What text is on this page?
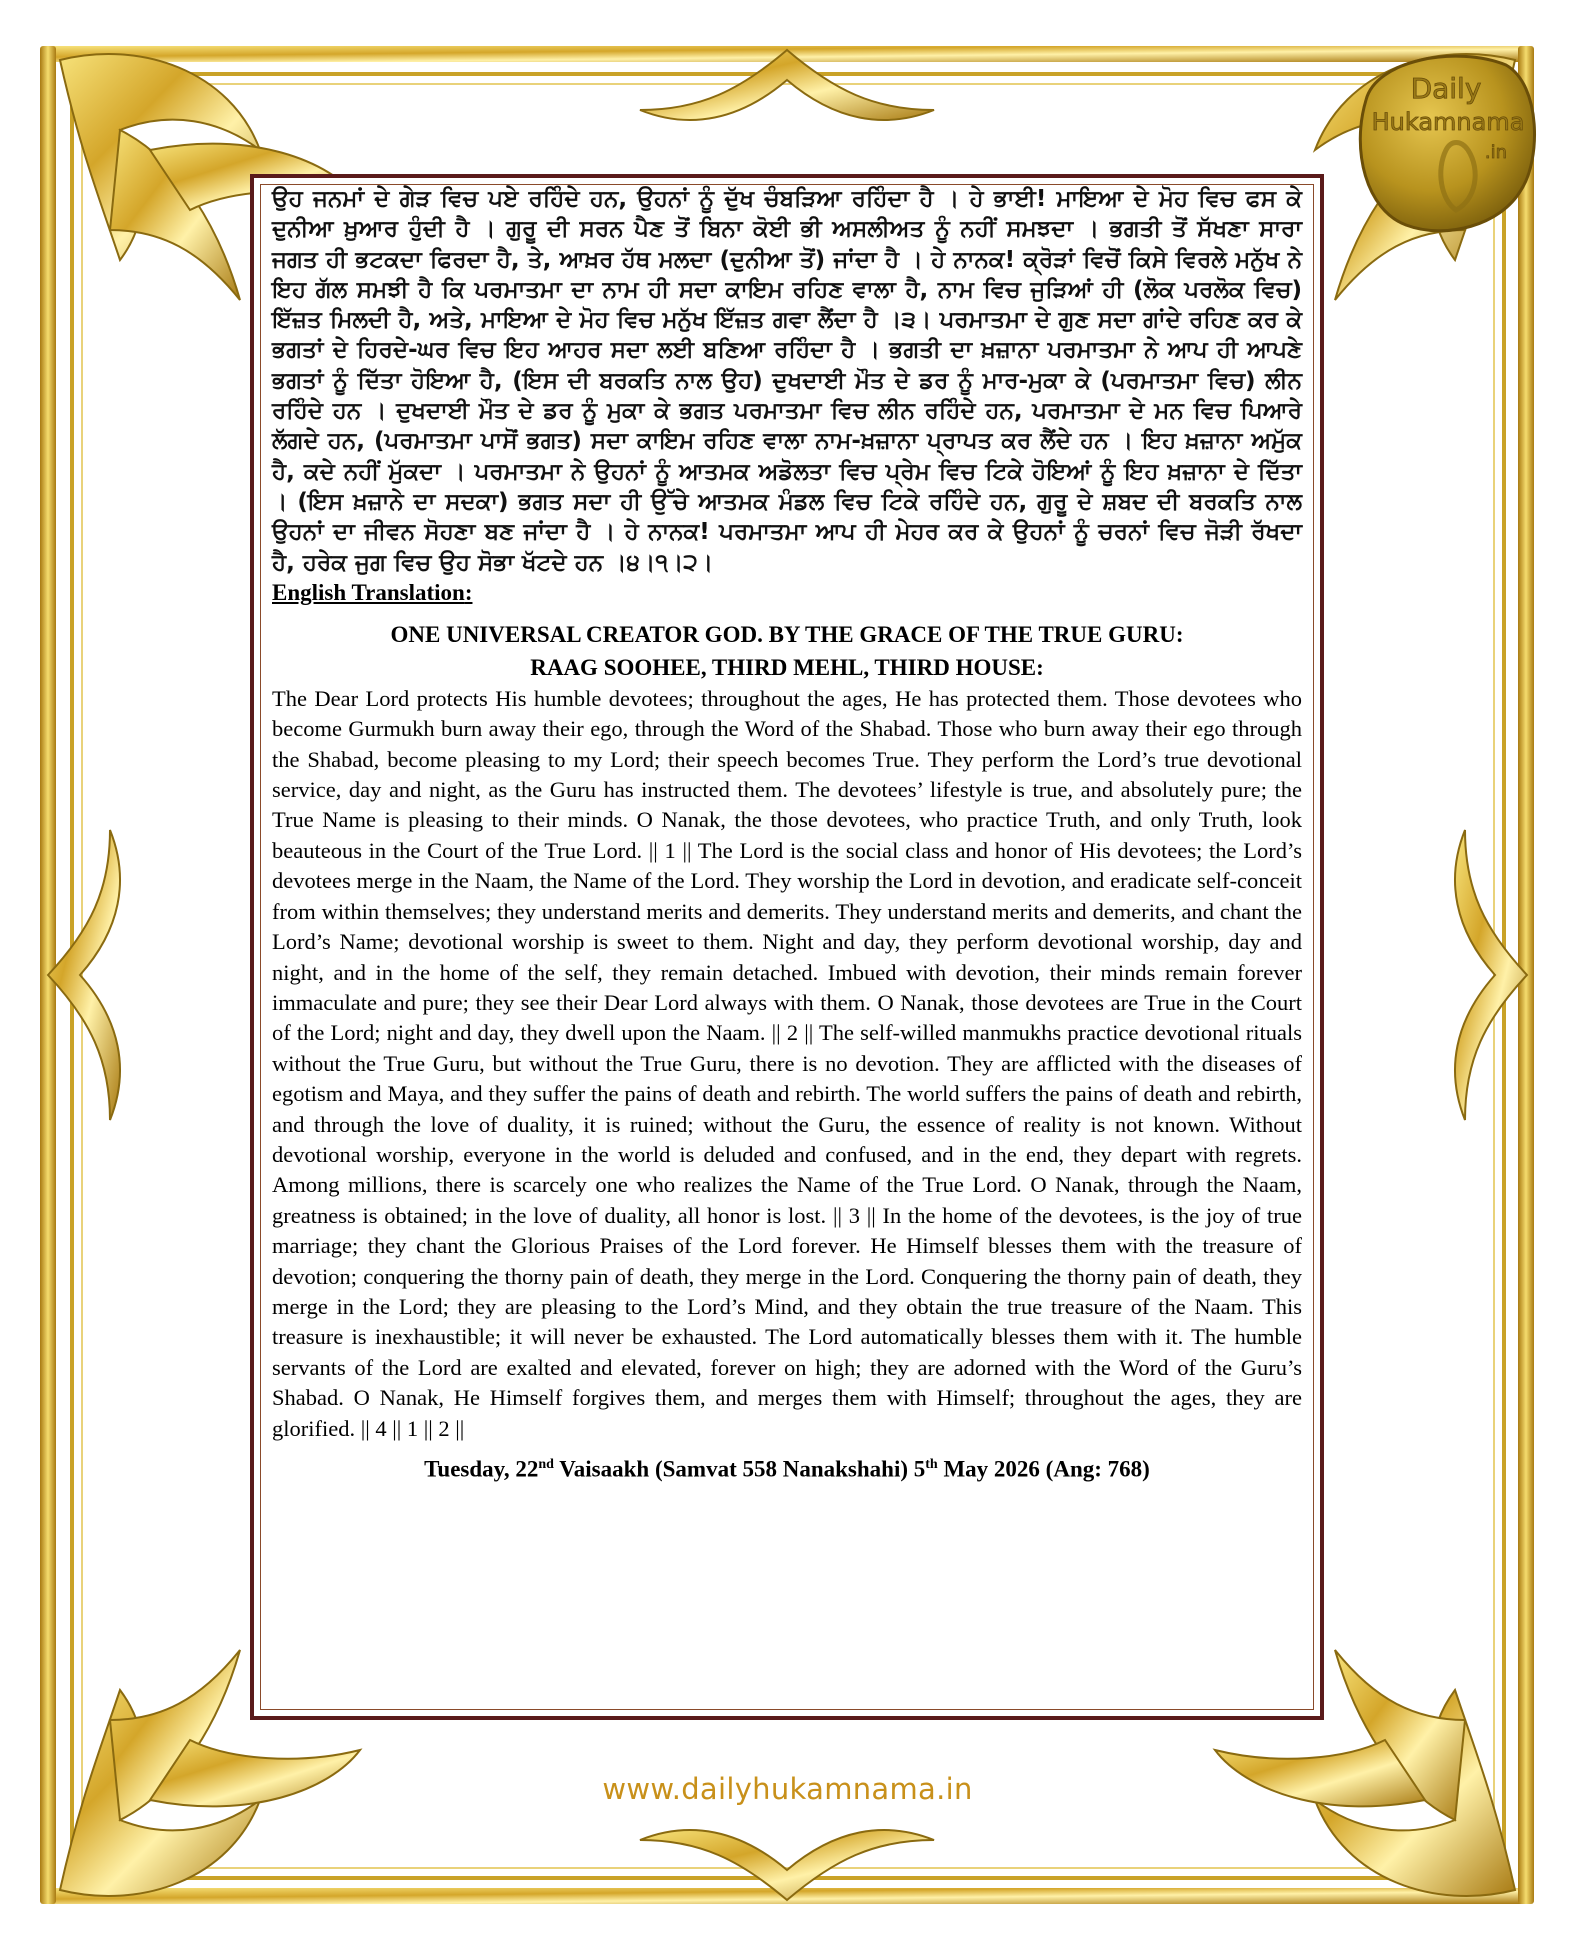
Daily
Hukamnama
.in

ਉਹ ਜਨਮਾਂ ਦੇ ਗੇੜ ਵਿਚ ਪਏ ਰਹਿੰਦੇ ਹਨ, ਉਹਨਾਂ ਨੂੰ ਦੁੱਖ ਚੰਬੜਿਆ ਰਹਿੰਦਾ ਹੈ । ਹੇ ਭਾਈ! ਮਾਇਆ ਦੇ ਮੋਹ ਵਿਚ ਫਸ ਕੇ ਦੁਨੀਆ ਖ਼ੁਆਰ ਹੁੰਦੀ ਹੈ । ਗੁਰੂ ਦੀ ਸਰਨ ਪੈਣ ਤੋਂ ਬਿਨਾ ਕੋਈ ਭੀ ਅਸਲੀਅਤ ਨੂੰ ਨਹੀਂ ਸਮਝਦਾ । ਭਗਤੀ ਤੋਂ ਸੱਖਣਾ ਸਾਰਾ ਜਗਤ ਹੀ ਭਟਕਦਾ ਫਿਰਦਾ ਹੈ, ਤੇ, ਆਖ਼ਰ ਹੱਥ ਮਲਦਾ (ਦੁਨੀਆ ਤੋਂ) ਜਾਂਦਾ ਹੈ । ਹੇ ਨਾਨਕ! ਕ੍ਰੋੜਾਂ ਵਿਚੋਂ ਕਿਸੇ ਵਿਰਲੇ ਮਨੁੱਖ ਨੇ ਇਹ ਗੱਲ ਸਮਝੀ ਹੈ ਕਿ ਪਰਮਾਤਮਾ ਦਾ ਨਾਮ ਹੀ ਸਦਾ ਕਾਇਮ ਰਹਿਣ ਵਾਲਾ ਹੈ, ਨਾਮ ਵਿਚ ਜੁੜਿਆਂ ਹੀ (ਲੋਕ ਪਰਲੋਕ ਵਿਚ) ਇੱਜ਼ਤ ਮਿਲਦੀ ਹੈ, ਅਤੇ, ਮਾਇਆ ਦੇ ਮੋਹ ਵਿਚ ਮਨੁੱਖ ਇੱਜ਼ਤ ਗਵਾ ਲੈਂਦਾ ਹੈ ।੩। ਪਰਮਾਤਮਾ ਦੇ ਗੁਣ ਸਦਾ ਗਾਂਦੇ ਰਹਿਣ ਕਰ ਕੇ ਭਗਤਾਂ ਦੇ ਹਿਰਦੇ-ਘਰ ਵਿਚ ਇਹ ਆਹਰ ਸਦਾ ਲਈ ਬਣਿਆ ਰਹਿੰਦਾ ਹੈ । ਭਗਤੀ ਦਾ ਖ਼ਜ਼ਾਨਾ ਪਰਮਾਤਮਾ ਨੇ ਆਪ ਹੀ ਆਪਣੇ ਭਗਤਾਂ ਨੂੰ ਦਿੱਤਾ ਹੋਇਆ ਹੈ, (ਇਸ ਦੀ ਬਰਕਤਿ ਨਾਲ ਉਹ) ਦੁਖਦਾਈ ਮੌਤ ਦੇ ਡਰ ਨੂੰ ਮਾਰ-ਮੁਕਾ ਕੇ (ਪਰਮਾਤਮਾ ਵਿਚ) ਲੀਨ ਰਹਿੰਦੇ ਹਨ । ਦੁਖਦਾਈ ਮੌਤ ਦੇ ਡਰ ਨੂੰ ਮੁਕਾ ਕੇ ਭਗਤ ਪਰਮਾਤਮਾ ਵਿਚ ਲੀਨ ਰਹਿੰਦੇ ਹਨ, ਪਰਮਾਤਮਾ ਦੇ ਮਨ ਵਿਚ ਪਿਆਰੇ ਲੱਗਦੇ ਹਨ, (ਪਰਮਾਤਮਾ ਪਾਸੋਂ ਭਗਤ) ਸਦਾ ਕਾਇਮ ਰਹਿਣ ਵਾਲਾ ਨਾਮ-ਖ਼ਜ਼ਾਨਾ ਪ੍ਰਾਪਤ ਕਰ ਲੈਂਦੇ ਹਨ । ਇਹ ਖ਼ਜ਼ਾਨਾ ਅਮੁੱਕ ਹੈ, ਕਦੇ ਨਹੀਂ ਮੁੱਕਦਾ । ਪਰਮਾਤਮਾ ਨੇ ਉਹਨਾਂ ਨੂੰ ਆਤਮਕ ਅਡੋਲਤਾ ਵਿਚ ਪ੍ਰੇਮ ਵਿਚ ਟਿਕੇ ਹੋਇਆਂ ਨੂੰ ਇਹ ਖ਼ਜ਼ਾਨਾ ਦੇ ਦਿੱਤਾ । (ਇਸ ਖ਼ਜ਼ਾਨੇ ਦਾ ਸਦਕਾ) ਭਗਤ ਸਦਾ ਹੀ ਉੱਚੇ ਆਤਮਕ ਮੰਡਲ ਵਿਚ ਟਿਕੇ ਰਹਿੰਦੇ ਹਨ, ਗੁਰੂ ਦੇ ਸ਼ਬਦ ਦੀ ਬਰਕਤਿ ਨਾਲ ਉਹਨਾਂ ਦਾ ਜੀਵਨ ਸੋਹਣਾ ਬਣ ਜਾਂਦਾ ਹੈ । ਹੇ ਨਾਨਕ! ਪਰਮਾਤਮਾ ਆਪ ਹੀ ਮੇਹਰ ਕਰ ਕੇ ਉਹਨਾਂ ਨੂੰ ਚਰਨਾਂ ਵਿਚ ਜੋੜੀ ਰੱਖਦਾ ਹੈ, ਹਰੇਕ ਜੁਗ ਵਿਚ ਉਹ ਸੋਭਾ ਖੱਟਦੇ ਹਨ ।੪।੧।੨।

English Translation:

ONE UNIVERSAL CREATOR GOD. BY THE GRACE OF THE TRUE GURU:

RAAG SOOHEE, THIRD MEHL, THIRD HOUSE:

The Dear Lord protects His humble devotees; throughout the ages, He has protected them. Those devotees who become Gurmukh burn away their ego, through the Word of the Shabad. Those who burn away their ego through the Shabad, become pleasing to my Lord; their speech becomes True. They perform the Lord’s true devotional service, day and night, as the Guru has instructed them. The devotees’ lifestyle is true, and absolutely pure; the True Name is pleasing to their minds. O Nanak, the those devotees, who practice Truth, and only Truth, look beauteous in the Court of the True Lord. || 1 || The Lord is the social class and honor of His devotees; the Lord’s devotees merge in the Naam, the Name of the Lord. They worship the Lord in devotion, and eradicate self-conceit from within themselves; they understand merits and demerits. They understand merits and demerits, and chant the Lord’s Name; devotional worship is sweet to them. Night and day, they perform devotional worship, day and night, and in the home of the self, they remain detached. Imbued with devotion, their minds remain forever immaculate and pure; they see their Dear Lord always with them. O Nanak, those devotees are True in the Court of the Lord; night and day, they dwell upon the Naam. || 2 || The self-willed manmukhs practice devotional rituals without the True Guru, but without the True Guru, there is no devotion. They are afflicted with the diseases of egotism and Maya, and they suffer the pains of death and rebirth. The world suffers the pains of death and rebirth, and through the love of duality, it is ruined; without the Guru, the essence of reality is not known. Without devotional worship, everyone in the world is deluded and confused, and in the end, they depart with regrets. Among millions, there is scarcely one who realizes the Name of the True Lord. O Nanak, through the Naam, greatness is obtained; in the love of duality, all honor is lost. || 3 || In the home of the devotees, is the joy of true marriage; they chant the Glorious Praises of the Lord forever. He Himself blesses them with the treasure of devotion; conquering the thorny pain of death, they merge in the Lord. Conquering the thorny pain of death, they merge in the Lord; they are pleasing to the Lord’s Mind, and they obtain the true treasure of the Naam. This treasure is inexhaustible; it will never be exhausted. The Lord automatically blesses them with it. The humble servants of the Lord are exalted and elevated, forever on high; they are adorned with the Word of the Guru’s Shabad. O Nanak, He Himself forgives them, and merges them with Himself; throughout the ages, they are glorified. || 4 || 1 || 2 ||

Tuesday, 22nd Vaisaakh (Samvat 558 Nanakshahi) 5th May 2026 (Ang: 768)

www.dailyhukamnama.in
